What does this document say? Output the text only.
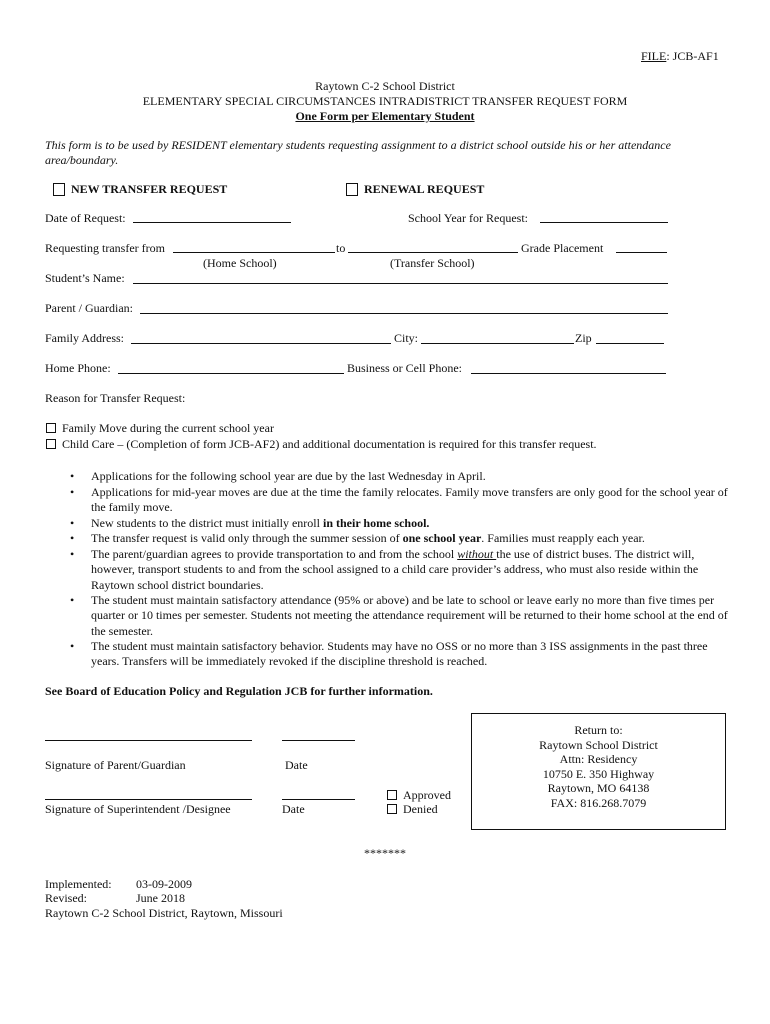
FILE: JCB-AF1
Raytown C-2 School District
ELEMENTARY SPECIAL CIRCUMSTANCES INTRADISTRICT TRANSFER REQUEST FORM
One Form per Elementary Student
This form is to be used by RESIDENT elementary students requesting assignment to a district school outside his or her attendance area/boundary.
NEW TRANSFER REQUEST	RENEWAL REQUEST
Date of Request:	School Year for Request:
Requesting transfer from	to	Grade Placement
(Home School)	(Transfer School)
Student’s Name:
Parent / Guardian:
Family Address:	City:	Zip
Home Phone:	Business or Cell Phone:
Reason for Transfer Request:
Family Move during the current school year
Child Care – (Completion of form JCB-AF2) and additional documentation is required for this transfer request.
• Applications for the following school year are due by the last Wednesday in April.
• Applications for mid-year moves are due at the time the family relocates. Family move transfers are only good for the school year of the family move.
• New students to the district must initially enroll in their home school.
• The transfer request is valid only through the summer session of one school year. Families must reapply each year.
• The parent/guardian agrees to provide transportation to and from the school without the use of district buses. The district will, however, transport students to and from the school assigned to a child care provider’s address, who must also reside within the Raytown school district boundaries.
• The student must maintain satisfactory attendance (95% or above) and be late to school or leave early no more than five times per quarter or 10 times per semester. Students not meeting the attendance requirement will be returned to their home school at the end of the semester.
• The student must maintain satisfactory behavior. Students may have no OSS or no more than 3 ISS assignments in the past three years. Transfers will be immediately revoked if the discipline threshold is reached.
See Board of Education Policy and Regulation JCB for further information.
Signature of Parent/Guardian	Date
Signature of Superintendent /Designee	Date
Approved
Denied
Return to:
Raytown School District
Attn: Residency
10750 E. 350 Highway
Raytown, MO 64138
FAX: 816.268.7079
*******
Implemented: 03-09-2009
Revised:	June 2018
Raytown C-2 School District, Raytown, Missouri
